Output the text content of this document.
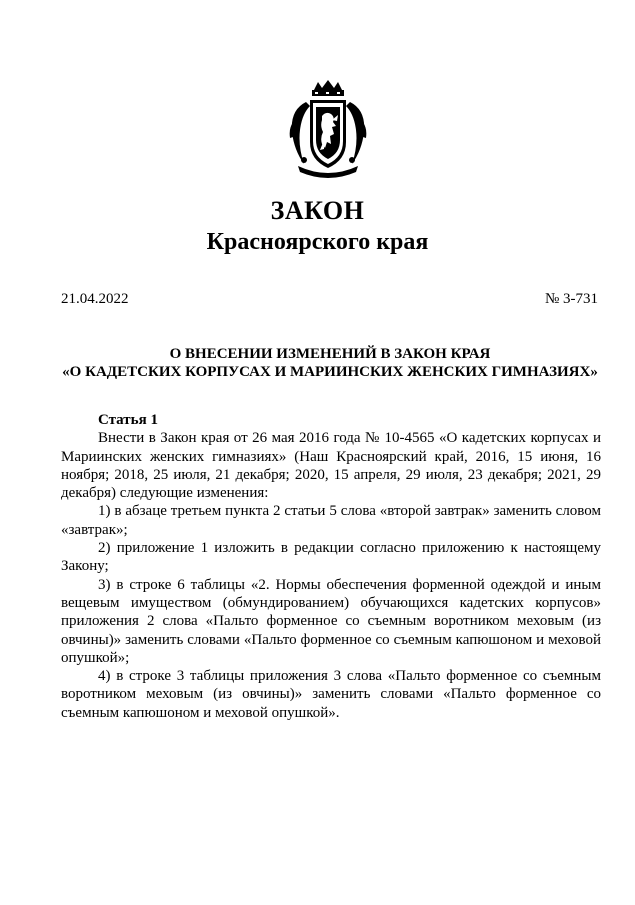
ЗАКОН
Красноярского края
21.04.2022	№ 3-731
О ВНЕСЕНИИ ИЗМЕНЕНИЙ В ЗАКОН КРАЯ
«О КАДЕТСКИХ КОРПУСАХ И МАРИИНСКИХ ЖЕНСКИХ ГИМНАЗИЯХ»

Статья 1

Внести в Закон края от 26 мая 2016 года № 10-4565 «О кадетских корпусах и Мариинских женских гимназиях» (Наш Красноярский край, 2016, 15 июня, 16 ноября; 2018, 25 июля, 21 декабря; 2020, 15 апреля, 29 июля, 23 декабря; 2021, 29 декабря) следующие изменения:

1) в абзаце третьем пункта 2 статьи 5 слова «второй завтрак» заменить словом «завтрак»;

2) приложение 1 изложить в редакции согласно приложению к настоящему Закону;

3) в строке 6 таблицы «2. Нормы обеспечения форменной одеждой и иным вещевым имуществом (обмундированием) обучающихся кадетских корпусов» приложения 2 слова «Пальто форменное со съемным воротником меховым (из овчины)» заменить словами «Пальто форменное со съемным капюшоном и меховой опушкой»;

4) в строке 3 таблицы приложения 3 слова «Пальто форменное со съемным воротником меховым (из овчины)» заменить словами «Пальто форменное со съемным капюшоном и меховой опушкой».
